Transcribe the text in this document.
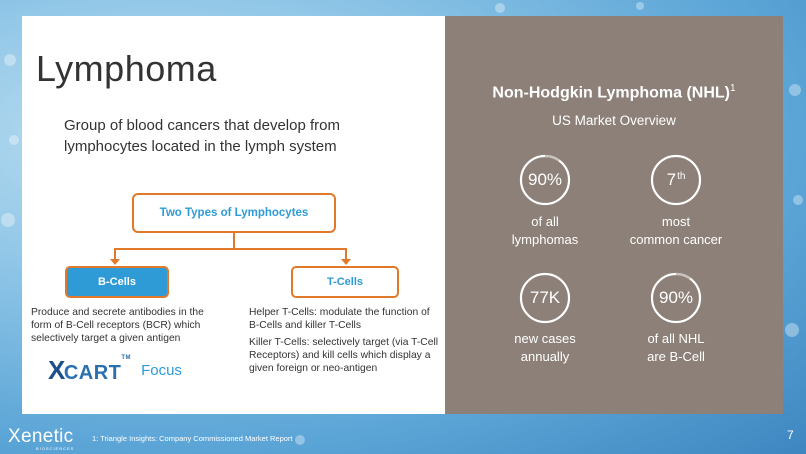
Lymphoma
Group of blood cancers that develop from lymphocytes located in the lymph system
Two Types of Lymphocytes
B-Cells	T-Cells
Produce and secrete antibodies in the form of B-Cell receptors (BCR) which selectively target a given antigen
Helper T-Cells: modulate the function of B-Cells and killer T-Cells
Killer T-Cells: selectively target (via T-Cell Receptors) and kill cells which display a given foreign or neo-antigen
XCART™
Focus
Non-Hodgkin Lymphoma (NHL)$^1$
US Market Overview
90%
of all
lymphomas
7th
most
common cancer
77K
new cases
annually
90%
of all NHL
are B-Cell
Xenetic
BIOSCIENCES
1: Triangle Insights: Company Commissioned Market Report	7
